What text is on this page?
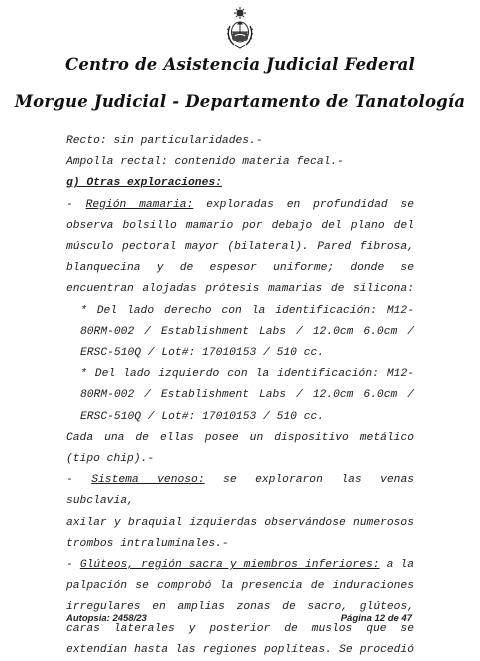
Centro de Asistencia Judicial Federal
Morgue Judicial - Departamento de Tanatología

Recto: sin particularidades.-

Ampolla rectal: contenido materia fecal.-

g) Otras exploraciones:

- Región mamaria: exploradas en profundidad se

observa bolsillo mamario por debajo del plano del

músculo pectoral mayor (bilateral). Pared fibrosa,

blanquecina y de espesor uniforme; donde se

encuentran alojadas prótesis mamarias de silicona:

* Del lado derecho con la identificación: M12-

80RM-002 / Establishment Labs / 12.0cm 6.0cm /

ERSC-510Q / Lot#: 17010153 / 510 cc.

* Del lado izquierdo con la identificación: M12-

80RM-002 / Establishment Labs / 12.0cm 6.0cm /

ERSC-510Q / Lot#: 17010153 / 510 cc.

Cada una de ellas posee un dispositivo metálico

(tipo chip).-

- Sistema venoso: se exploraron las venas subclavia,

axilar y braquial izquierdas observándose numerosos

trombos intraluminales.-

- Glúteos, región sacra y miembros inferiores: a la

palpación se comprobó la presencia de induraciones

irregulares en amplias zonas de sacro, glúteos,

caras laterales y posterior de muslos que se

extendían hasta las regiones poplíteas. Se procedió

Autopsia: 2458/23	Página 12 de 47
